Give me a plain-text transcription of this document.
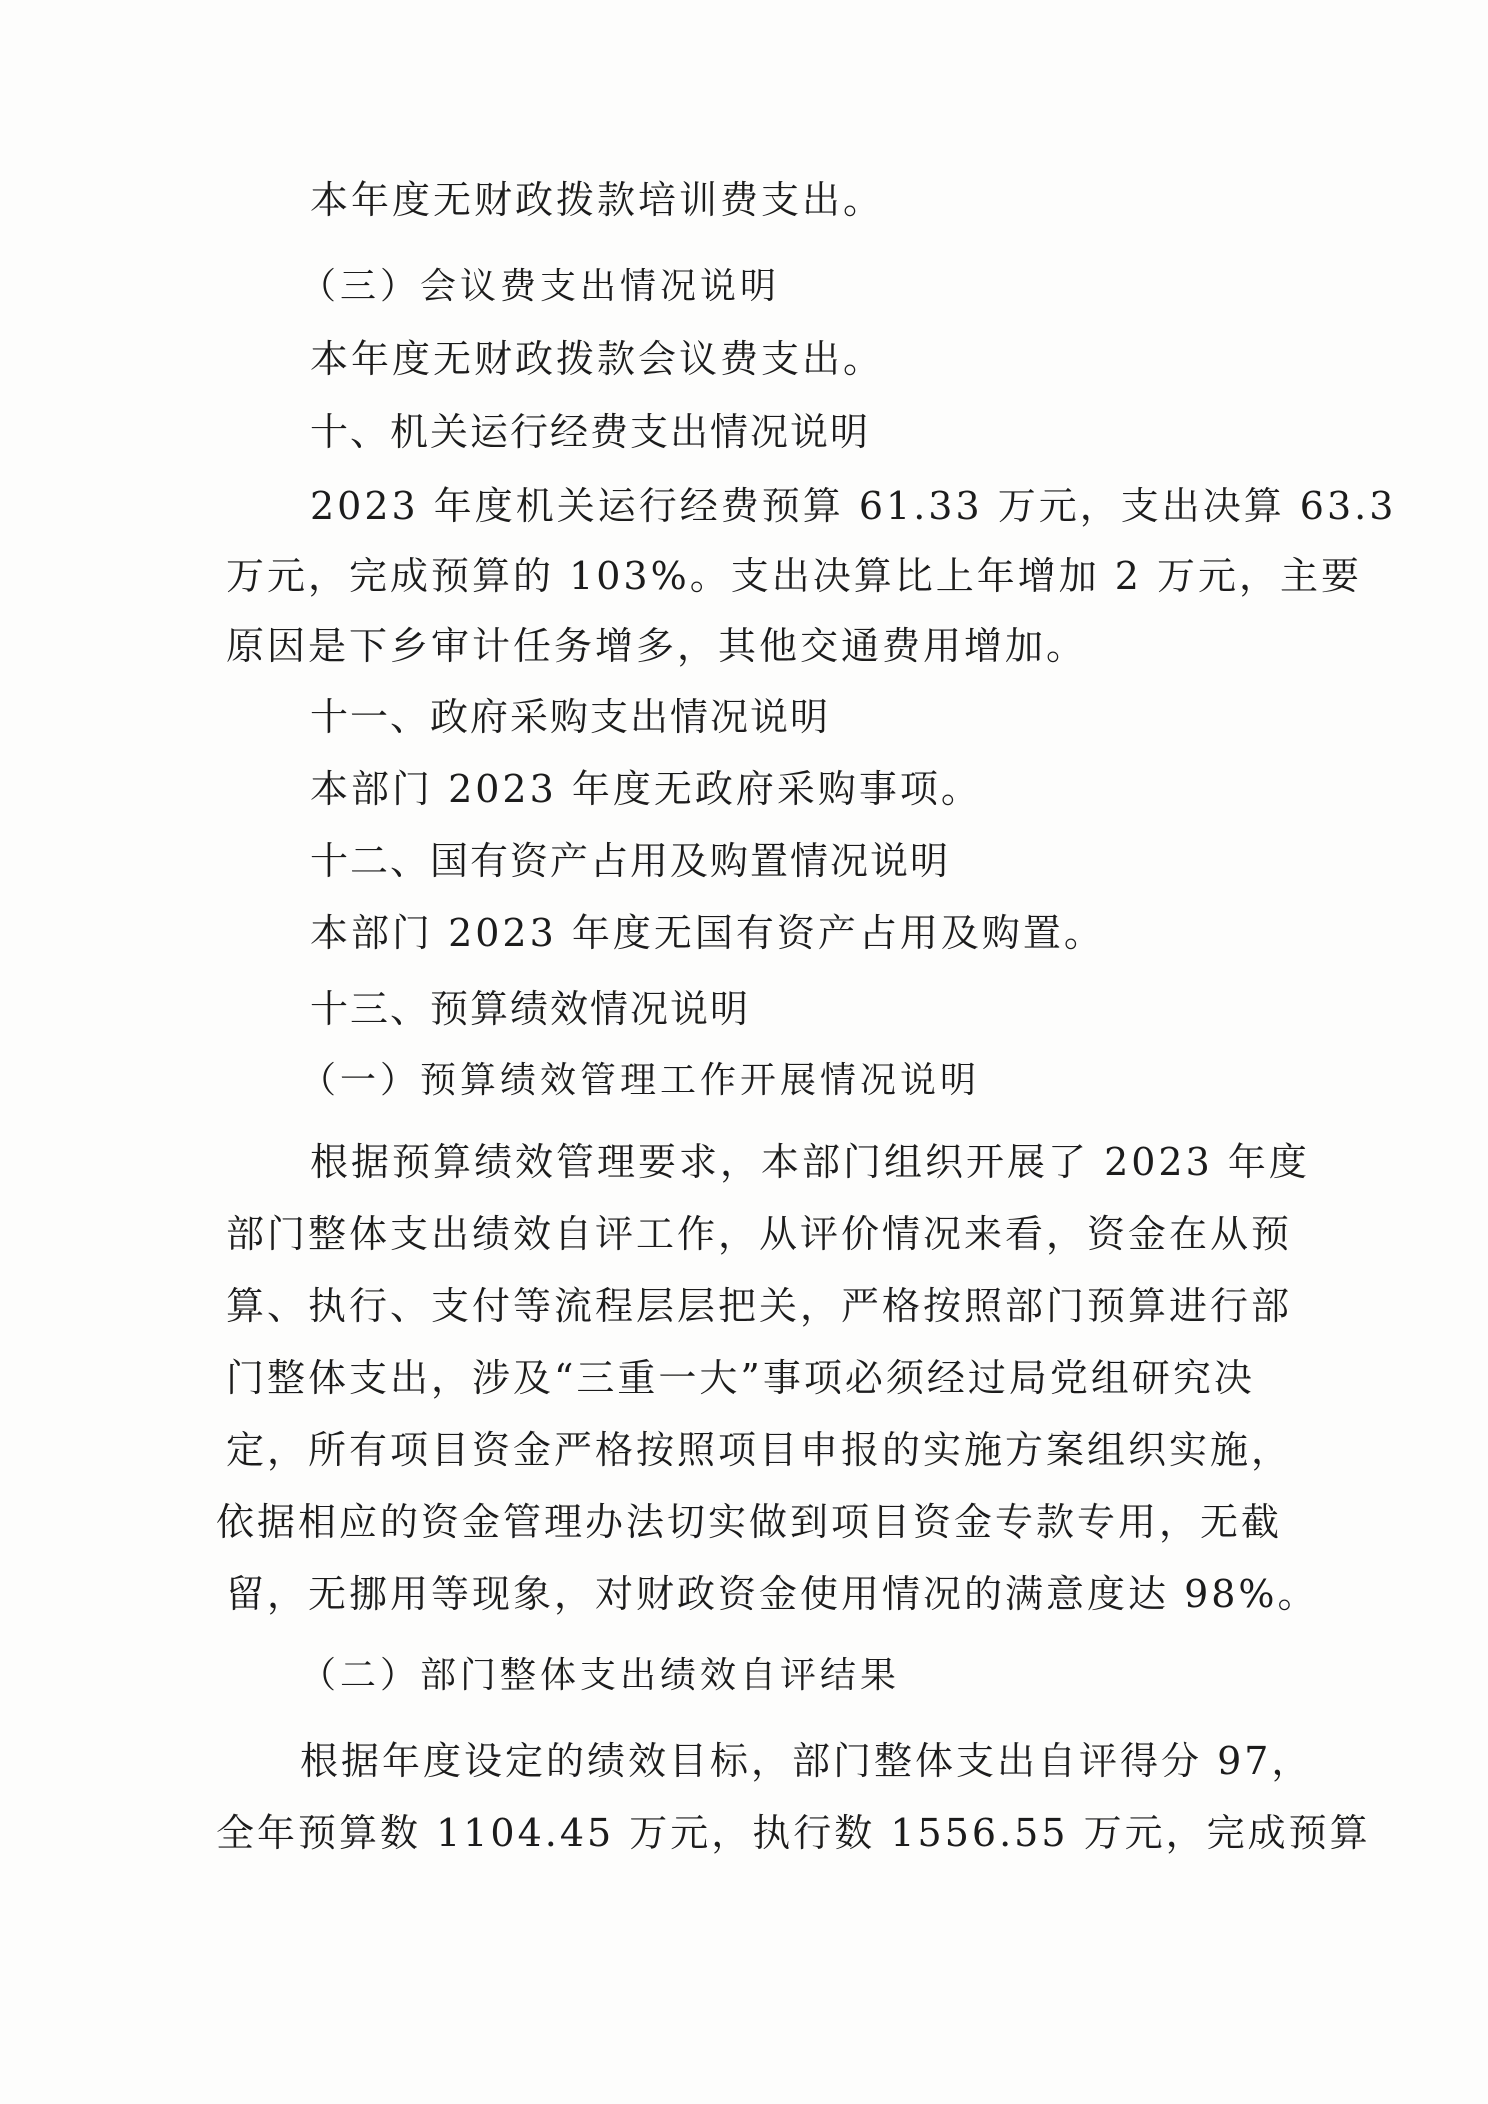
本年度无财政拨款培训费支出。
（三）会议费支出情况说明
本年度无财政拨款会议费支出。
十、机关运行经费支出情况说明
2023 年度机关运行经费预算 61.33 万元，支出决算 63.3
万元，完成预算的 103%。支出决算比上年增加 2 万元，主要
原因是下乡审计任务增多，其他交通费用增加。
十一、政府采购支出情况说明
本部门 2023 年度无政府采购事项。
十二、国有资产占用及购置情况说明
本部门 2023 年度无国有资产占用及购置。
十三、预算绩效情况说明
（一）预算绩效管理工作开展情况说明
根据预算绩效管理要求，本部门组织开展了 2023 年度
部门整体支出绩效自评工作，从评价情况来看，资金在从预
算、执行、支付等流程层层把关，严格按照部门预算进行部
门整体支出，涉及“三重一大”事项必须经过局党组研究决
定，所有项目资金严格按照项目申报的实施方案组织实施，
依据相应的资金管理办法切实做到项目资金专款专用，无截
留，无挪用等现象，对财政资金使用情况的满意度达 98%。
（二）部门整体支出绩效自评结果
根据年度设定的绩效目标，部门整体支出自评得分 97，
全年预算数 1104.45 万元，执行数 1556.55 万元，完成预算
